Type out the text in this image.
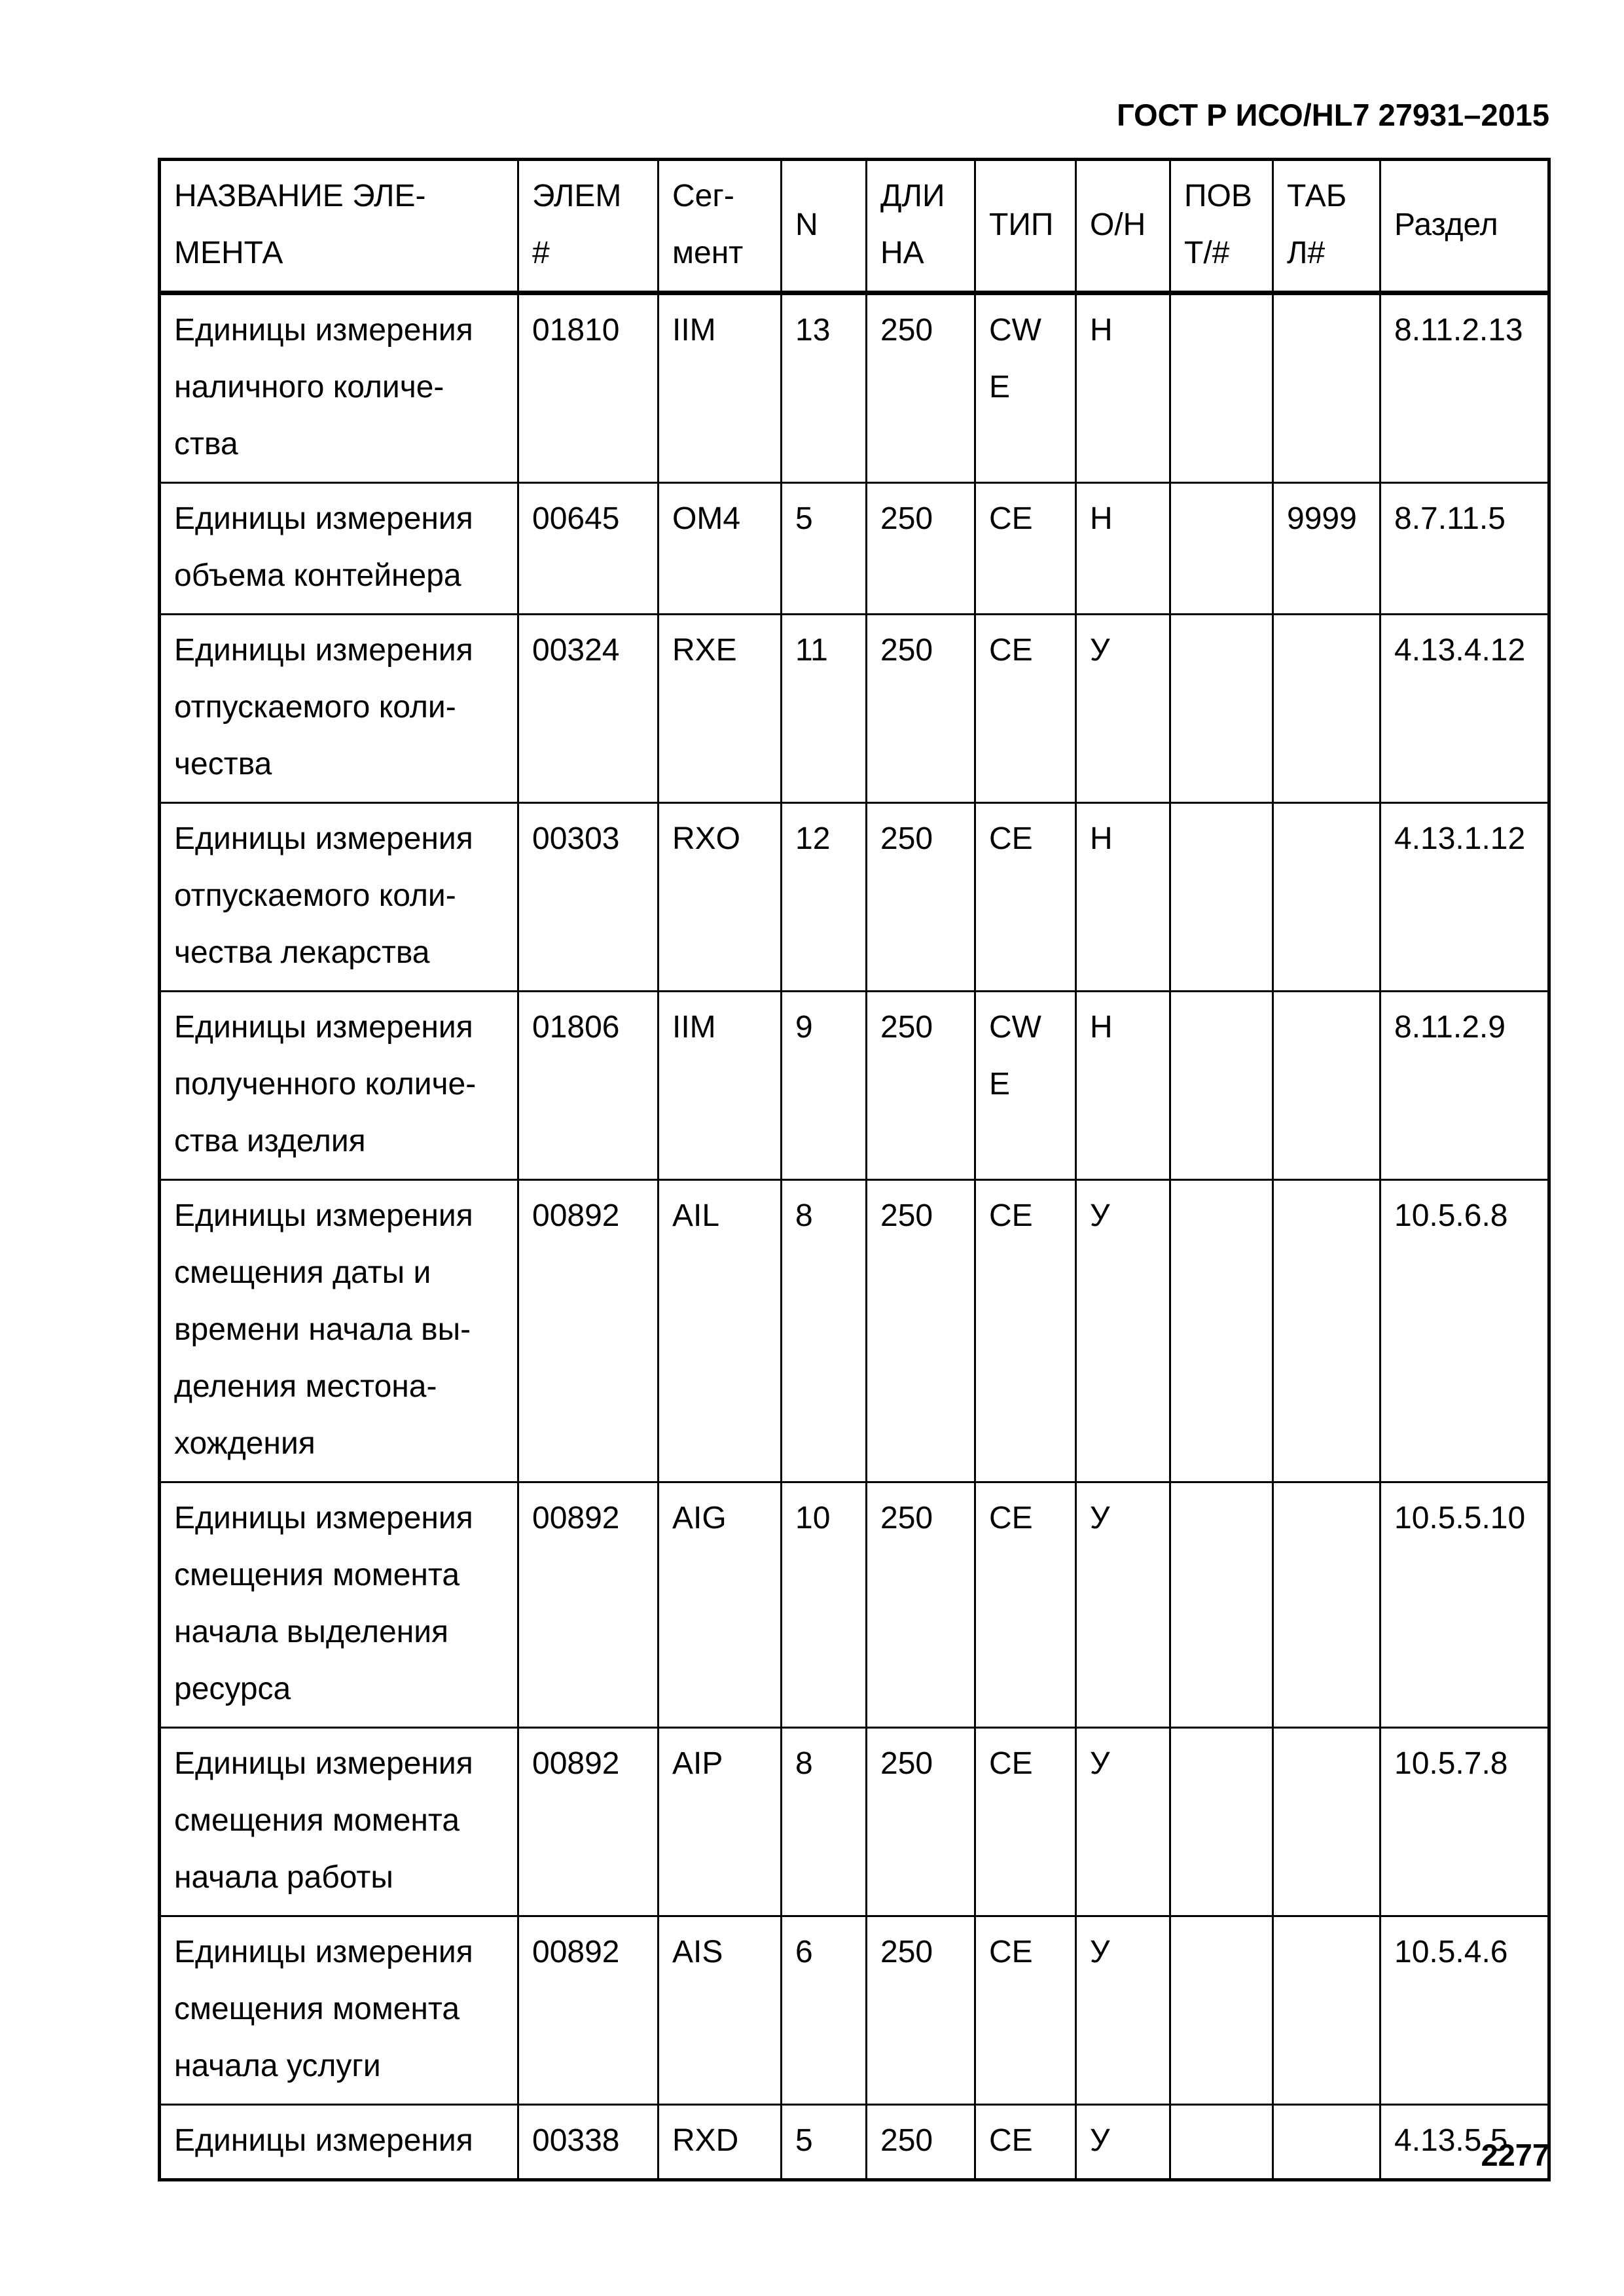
ГОСТ Р ИСО/HL7 27931–2015
НАЗВАНИЕ ЭЛЕ-МЕНТА	ЭЛЕМ #	Сег-мент	N	ДЛИ НА	ТИП	О/Н	ПОВ Т/#	ТАБ Л#	Раздел
Единицы измерения наличного количе-ства	01810	IIM	13	250	CW E	Н			8.11.2.13
Единицы измерения объема контейнера	00645	OM4	5	250	CE	Н		9999	8.7.11.5
Единицы измерения отпускаемого коли-чества	00324	RXE	11	250	CE	У			4.13.4.12
Единицы измерения отпускаемого коли-чества лекарства	00303	RXO	12	250	CE	Н			4.13.1.12
Единицы измерения полученного количе-ства изделия	01806	IIM	9	250	CW E	Н			8.11.2.9
Единицы измерения смещения даты и времени начала вы-деления местона-хождения	00892	AIL	8	250	CE	У			10.5.6.8
Единицы измерения смещения момента начала выделения ресурса	00892	AIG	10	250	CE	У			10.5.5.10
Единицы измерения смещения момента начала работы	00892	AIP	8	250	CE	У			10.5.7.8
Единицы измерения смещения момента начала услуги	00892	AIS	6	250	CE	У			10.5.4.6
Единицы измерения	00338	RXD	5	250	CE	У			4.13.5.5
2277
